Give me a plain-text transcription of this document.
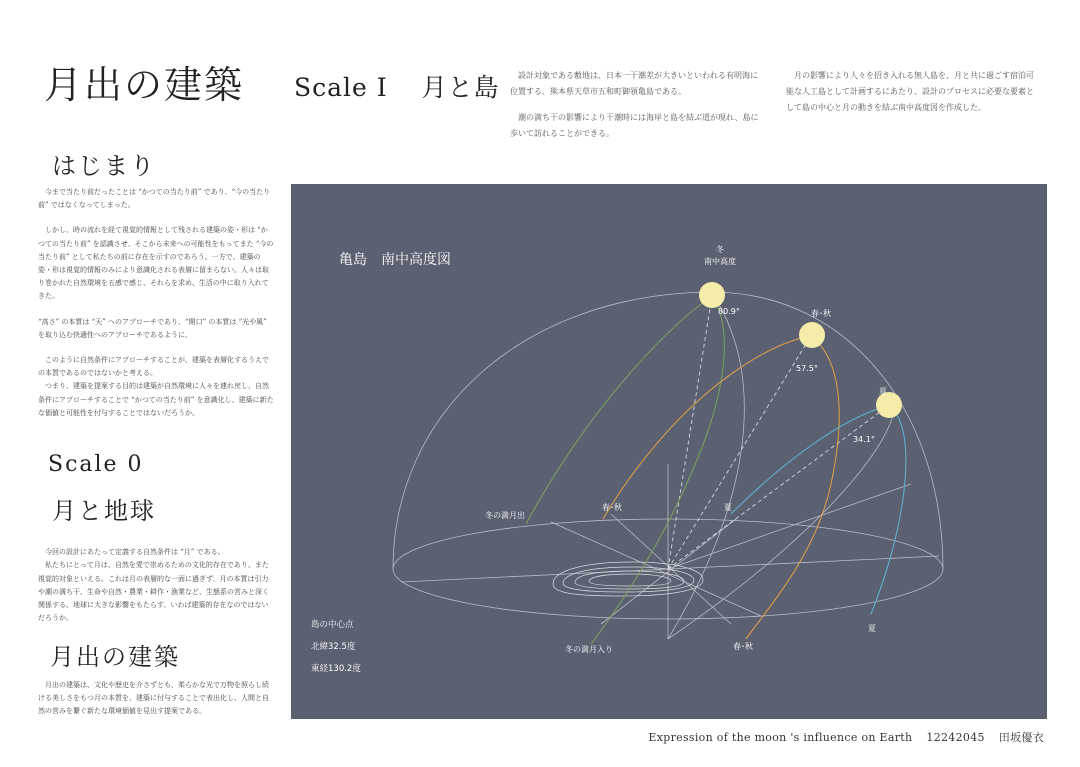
月出の建築 Scale I 月と島	設計対象である敷地は、日本一干潮差が大きいといわれる有明海に位置する、熊本県天草市五和町御領亀島である。

潮の満ち干の影響により干潮時には海岸と島を結ぶ道が現れ、島に歩いて訪れることができる。

月の影響により人々を招き入れる無人島を、月と共に過ごす宿泊可能な人工島として計画するにあたり、設計のプロセスに必要な要素として島の中心と月の動きを結ぶ南中高度図を作成した。

はじまり

　今まで当たり前だったことは “かつての当たり前” であり、“今の当たり前” ではなくなってしまった。

　しかし、時の流れを経て視覚的情報として残される建築の姿・形は “かつての当たり前” を認識させ、そこから未来への可能性をもってまた “今の当たり前” として私たちの前に存在を示すのであろう。一方で、建築の姿・形は視覚的情報のみにより意識化される表層に留まらない。人々は取り巻かれた自然環境を五感で感じ、それらを求め、生活の中に取り入れてきた。

“高さ” の本質は “天” へのアプローチであり、“開口” の本質は “光や風” を取り込む快適性へのアプローチであるように。

　このように自然条件にアプローチすることが、建築を表層化するうえでの本質であるのではないかと考える。
　つまり、建築を提案する目的は建築が自然環境に人々を連れ戻し、自然条件にアプローチすることで “かつての当たり前” を意識化し、建築に新たな価値と可能性を付与することではないだろうか。

Scale 0
月と地球

　今回の設計にあたって定義する自然条件は “月” である。
　私たちにとって月は、自然を愛で崇めるための文化的存在であり、また視覚的対象といえる。これは月の表層的な一面に過ぎず、月の本質は引力や潮の満ち干、生命や自然・農業・耕作・漁業など、生態系の営みと深く関係する。地球に大きな影響をもたらす、いわば建築的存在なのではないだろうか。

月出の建築

　月出の建築は、文化や歴史を介さずとも、柔らかな光で万物を照らし続ける美しさをもつ月の本質を、建築に付与することで表出化し、人間と自然の営みを繋ぐ新たな環境価値を見出す提案である。

亀島　南中高度図
冬
南中高度
春･秋
夏
80.9°
57.5°
34.1°
冬の満月出
春･秋	夏
冬の満月入り	春･秋
夏
島の中心点
北緯32.5度
東経130.2度
Expression of the moon 's influence on Earth 12242045 田坂優衣
